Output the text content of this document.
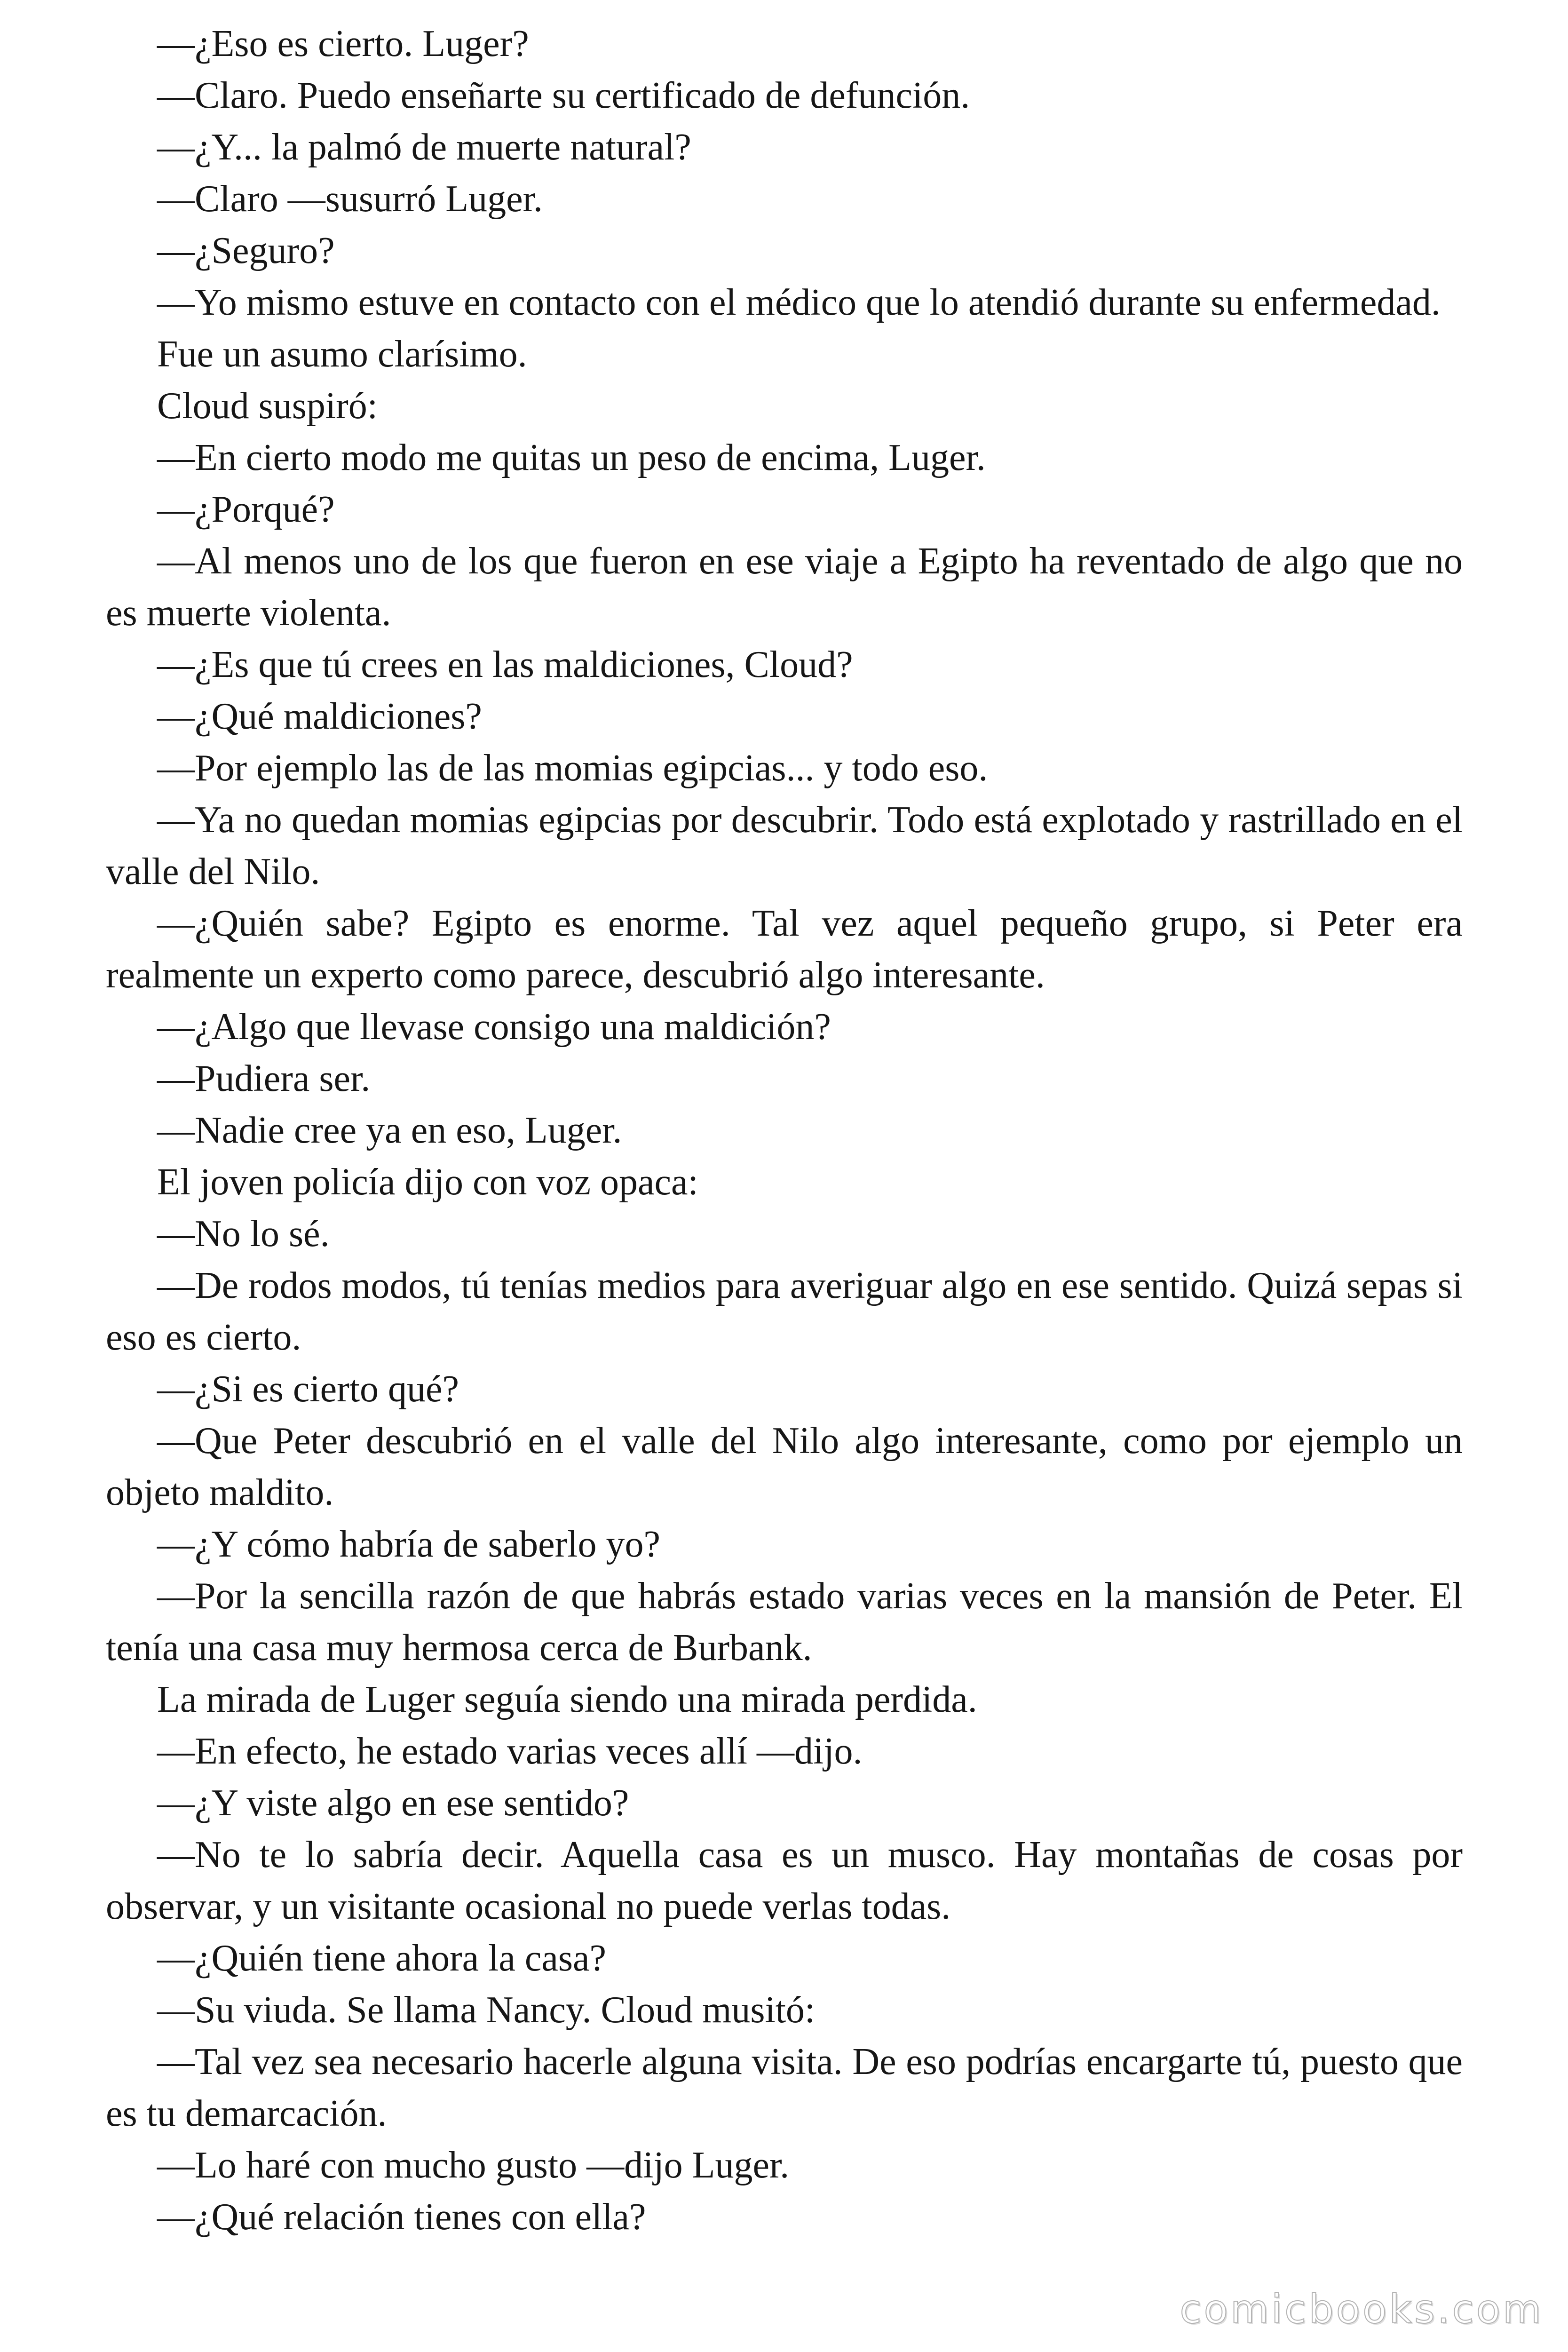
—¿Eso es cierto. Luger?

—Claro. Puedo enseñarte su certificado de defunción.

—¿Y... la palmó de muerte natural?

—Claro —susurró Luger.

—¿Seguro?

—Yo mismo estuve en contacto con el médico que lo atendió durante su enfermedad.

Fue un asumo clarísimo.

Cloud suspiró:

—En cierto modo me quitas un peso de encima, Luger.

—¿Porqué?

—Al menos uno de los que fueron en ese viaje a Egipto ha reventado de algo que no es muerte violenta.

—¿Es que tú crees en las maldiciones, Cloud?

—¿Qué maldiciones?

—Por ejemplo las de las momias egipcias... y todo eso.

—Ya no quedan momias egipcias por descubrir. Todo está explotado y rastrillado en el valle del Nilo.

—¿Quién sabe? Egipto es enorme. Tal vez aquel pequeño grupo, si Peter era realmente un experto como parece, descubrió algo interesante.

—¿Algo que llevase consigo una maldición?

—Pudiera ser.

—Nadie cree ya en eso, Luger.

El joven policía dijo con voz opaca:

—No lo sé.

—De rodos modos, tú tenías medios para averiguar algo en ese sentido. Quizá sepas si eso es cierto.

—¿Si es cierto qué?

—Que Peter descubrió en el valle del Nilo algo interesante, como por ejemplo un objeto maldito.

—¿Y cómo habría de saberlo yo?

—Por la sencilla razón de que habrás estado varias veces en la mansión de Peter. El tenía una casa muy hermosa cerca de Burbank.

La mirada de Luger seguía siendo una mirada perdida.

—En efecto, he estado varias veces allí —dijo.

—¿Y viste algo en ese sentido?

—No te lo sabría decir. Aquella casa es un musco. Hay montañas de cosas por observar, y un visitante ocasional no puede verlas todas.

—¿Quién tiene ahora la casa?

—Su viuda. Se llama Nancy. Cloud musitó:

—Tal vez sea necesario hacerle alguna visita. De eso podrías encargarte tú, puesto que es tu demarcación.

—Lo haré con mucho gusto —dijo Luger.

—¿Qué relación tienes con ella?

comicbooks.com
